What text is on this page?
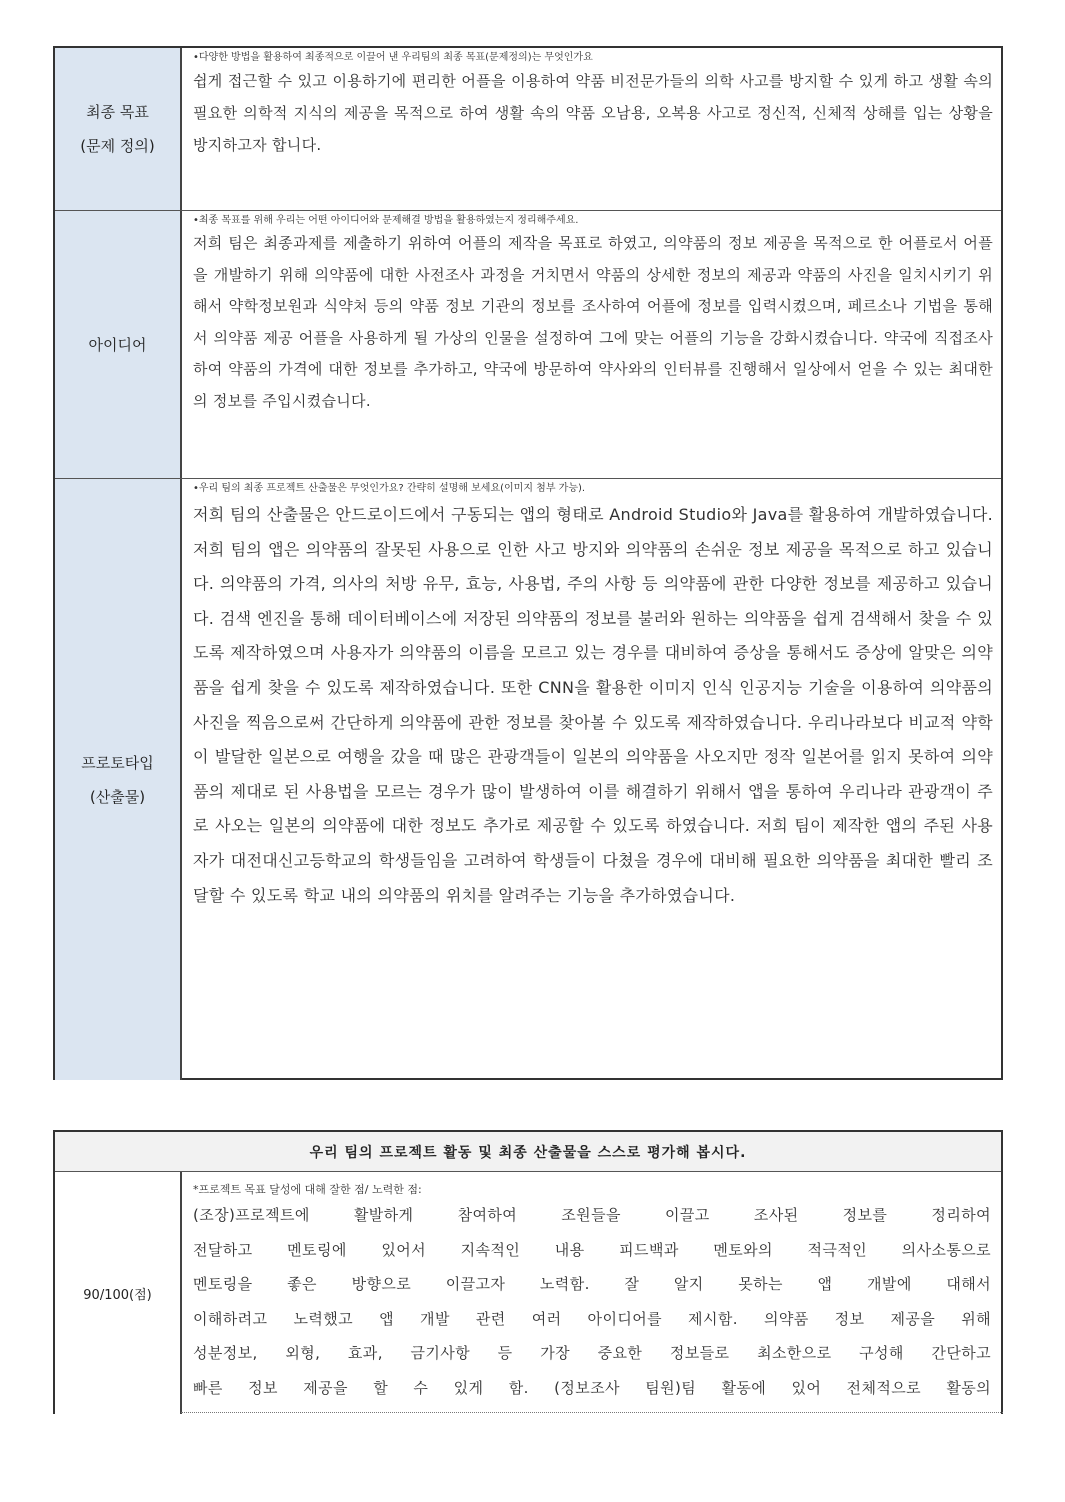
최종 목표
(문제 정의)
•다양한 방법을 활용하여 최종적으로 이끌어 낸 우리팀의 최종 목표(문제정의)는 무엇인가요
쉽게 접근할 수 있고 이용하기에 편리한 어플을 이용하여 약품 비전문가들의 의학 사고를 방지할 수 있게 하고 생활 속의 필요한 의학적 지식의 제공을 목적으로 하여 생활 속의 약품 오남용, 오복용 사고로 정신적, 신체적 상해를 입는 상황을 방지하고자 합니다.
아이디어
•최종 목표를 위해 우리는 어떤 아이디어와 문제해결 방법을 활용하였는지 정리해주세요.
저희 팀은 최종과제를 제출하기 위하여 어플의 제작을 목표로 하였고, 의약품의 정보 제공을 목적으로 한 어플로서 어플을 개발하기 위해 의약품에 대한 사전조사 과정을 거치면서 약품의 상세한 정보의 제공과 약품의 사진을 일치시키기 위해서 약학정보원과 식약처 등의 약품 정보 기관의 정보를 조사하여 어플에 정보를 입력시켰으며, 페르소나 기법을 통해서 의약품 제공 어플을 사용하게 될 가상의 인물을 설정하여 그에 맞는 어플의 기능을 강화시켰습니다. 약국에 직접조사 하여 약품의 가격에 대한 정보를 추가하고, 약국에 방문하여 약사와의 인터뷰를 진행해서 일상에서 얻을 수 있는 최대한의 정보를 주입시켰습니다.
프로토타입
(산출물)
•우리 팀의 최종 프로젝트 산출물은 무엇인가요? 간략히 설명해 보세요(이미지 첨부 가능).
저희 팀의 산출물은 안드로이드에서 구동되는 앱의 형태로 Android Studio와 Java를 활용하여 개발하였습니다. 저희 팀의 앱은 의약품의 잘못된 사용으로 인한 사고 방지와 의약품의 손쉬운 정보 제공을 목적으로 하고 있습니다. 의약품의 가격, 의사의 처방 유무, 효능, 사용법, 주의 사항 등 의약품에 관한 다양한 정보를 제공하고 있습니다. 검색 엔진을 통해 데이터베이스에 저장된 의약품의 정보를 불러와 원하는 의약품을 쉽게 검색해서 찾을 수 있도록 제작하였으며 사용자가 의약품의 이름을 모르고 있는 경우를 대비하여 증상을 통해서도 증상에 알맞은 의약품을 쉽게 찾을 수 있도록 제작하였습니다. 또한 CNN을 활용한 이미지 인식 인공지능 기술을 이용하여 의약품의 사진을 찍음으로써 간단하게 의약품에 관한 정보를 찾아볼 수 있도록 제작하였습니다. 우리나라보다 비교적 약학이 발달한 일본으로 여행을 갔을 때 많은 관광객들이 일본의 의약품을 사오지만 정작 일본어를 읽지 못하여 의약품의 제대로 된 사용법을 모르는 경우가 많이 발생하여 이를 해결하기 위해서 앱을 통하여 우리나라 관광객이 주로 사오는 일본의 의약품에 대한 정보도 추가로 제공할 수 있도록 하였습니다. 저희 팀이 제작한 앱의 주된 사용자가 대전대신고등학교의 학생들임을 고려하여 학생들이 다쳤을 경우에 대비해 필요한 의약품을 최대한 빨리 조달할 수 있도록 학교 내의 의약품의 위치를 알려주는 기능을 추가하였습니다.
우리 팀의 프로젝트 활동 및 최종 산출물을 스스로 평가해 봅시다.
90/100(점)
*프로젝트 목표 달성에 대해 잘한 점/ 노력한 점:
(조장)프로젝트에 활발하게 참여하여 조원들을 이끌고 조사된 정보를 정리하여
전달하고 멘토링에 있어서 지속적인 내용 피드백과 멘토와의 적극적인 의사소통으로
멘토링을 좋은 방향으로 이끌고자 노력함. 잘 알지 못하는 앱 개발에 대해서
이해하려고 노력했고 앱 개발 관련 여러 아이디어를 제시함. 의약품 정보 제공을 위해
성분정보, 외형, 효과, 금기사항 등 가장 중요한 정보들로 최소한으로 구성해 간단하고
빠른 정보 제공을 할 수 있게 함. (정보조사 팀원)팀 활동에 있어 전체적으로 활동의
